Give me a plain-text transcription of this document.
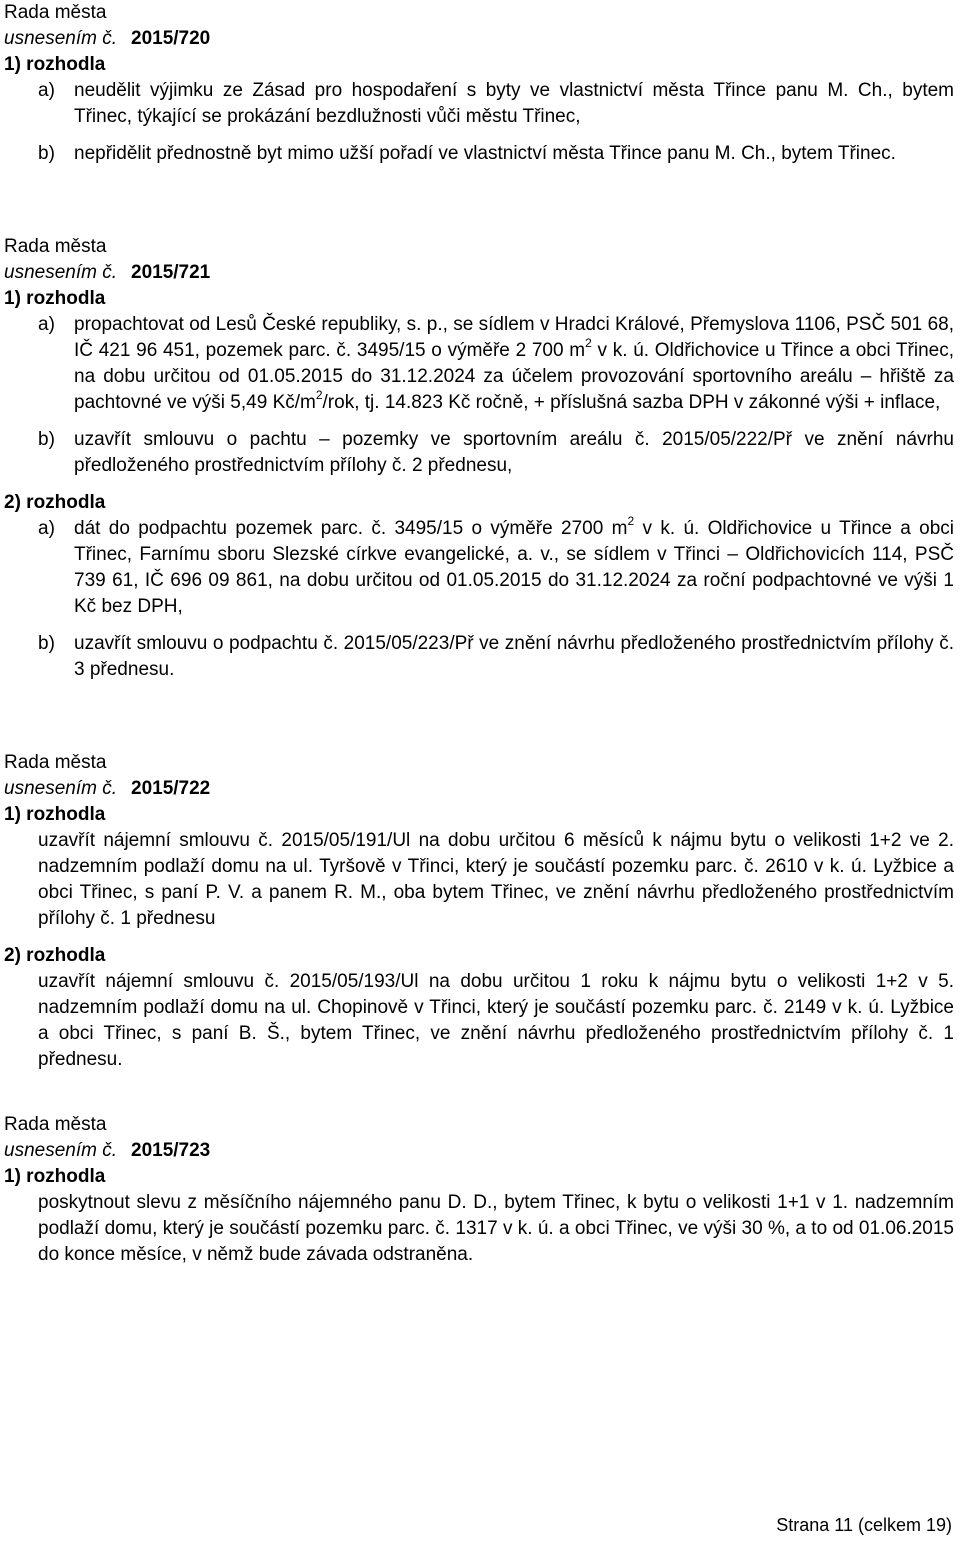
Rada města

usnesením č. 2015/720

1) rozhodla

a)	neudělit výjimku ze Zásad pro hospodaření s byty ve vlastnictví města Třince panu M. Ch., bytem Třinec, týkající se prokázání bezdlužnosti vůči městu Třinec,
b)	nepřidělit přednostně byt mimo užší pořadí ve vlastnictví města Třince panu M. Ch., bytem Třinec.

Rada města

usnesením č. 2015/721

1) rozhodla

a)	propachtovat od Lesů České republiky, s. p., se sídlem v Hradci Králové, Přemyslova 1106, PSČ 501 68, IČ 421 96 451, pozemek parc. č. 3495/15 o výměře 2 700 $m^2$ v k. ú. Oldřichovice u Třince a obci Třinec, na dobu určitou od 01.05.2015 do 31.12.2024 za účelem provozování sportovního areálu – hřiště za pachtovné ve výši 5,49 $Kč/m^2$/rok, tj. 14.823 Kč ročně, + příslušná sazba DPH v zákonné výši + inflace,
b)	uzavřít smlouvu o pachtu – pozemky ve sportovním areálu č. 2015/05/222/Př ve znění návrhu předloženého prostřednictvím přílohy č. 2 přednesu,

2) rozhodla

a)	dát do podpachtu pozemek parc. č. 3495/15 o výměře 2700 $m^2$ v k. ú. Oldřichovice u Třince a obci Třinec, Farnímu sboru Slezské církve evangelické, a. v., se sídlem v Třinci – Oldřichovicích 114, PSČ 739 61, IČ 696 09 861, na dobu určitou od 01.05.2015 do 31.12.2024 za roční podpachtovné ve výši 1 Kč bez DPH,
b)	uzavřít smlouvu o podpachtu č. 2015/05/223/Př ve znění návrhu předloženého prostřednictvím přílohy č. 3 přednesu.

Rada města

usnesením č. 2015/722

1) rozhodla

uzavřít nájemní smlouvu č. 2015/05/191/Ul na dobu určitou 6 měsíců k nájmu bytu o velikosti 1+2 ve 2. nadzemním podlaží domu na ul. Tyršově v Třinci, který je součástí pozemku parc. č. 2610 v k. ú. Lyžbice a obci Třinec, s paní P. V. a panem R. M., oba bytem Třinec, ve znění návrhu předloženého prostřednictvím přílohy č. 1 přednesu

2) rozhodla

uzavřít nájemní smlouvu č. 2015/05/193/Ul na dobu určitou 1 roku k nájmu bytu o velikosti 1+2 v 5. nadzemním podlaží domu na ul. Chopinově v Třinci, který je součástí pozemku parc. č. 2149 v k. ú. Lyžbice a obci Třinec, s paní B. Š., bytem Třinec, ve znění návrhu předloženého prostřednictvím přílohy č. 1 přednesu.

Rada města

usnesením č. 2015/723

1) rozhodla

poskytnout slevu z měsíčního nájemného panu D. D., bytem Třinec, k bytu o velikosti 1+1 v 1. nadzemním podlaží domu, který je součástí pozemku parc. č. 1317 v k. ú. a obci Třinec, ve výši 30 %, a to od 01.06.2015 do konce měsíce, v němž bude závada odstraněna.

Strana 11 (celkem 19)
